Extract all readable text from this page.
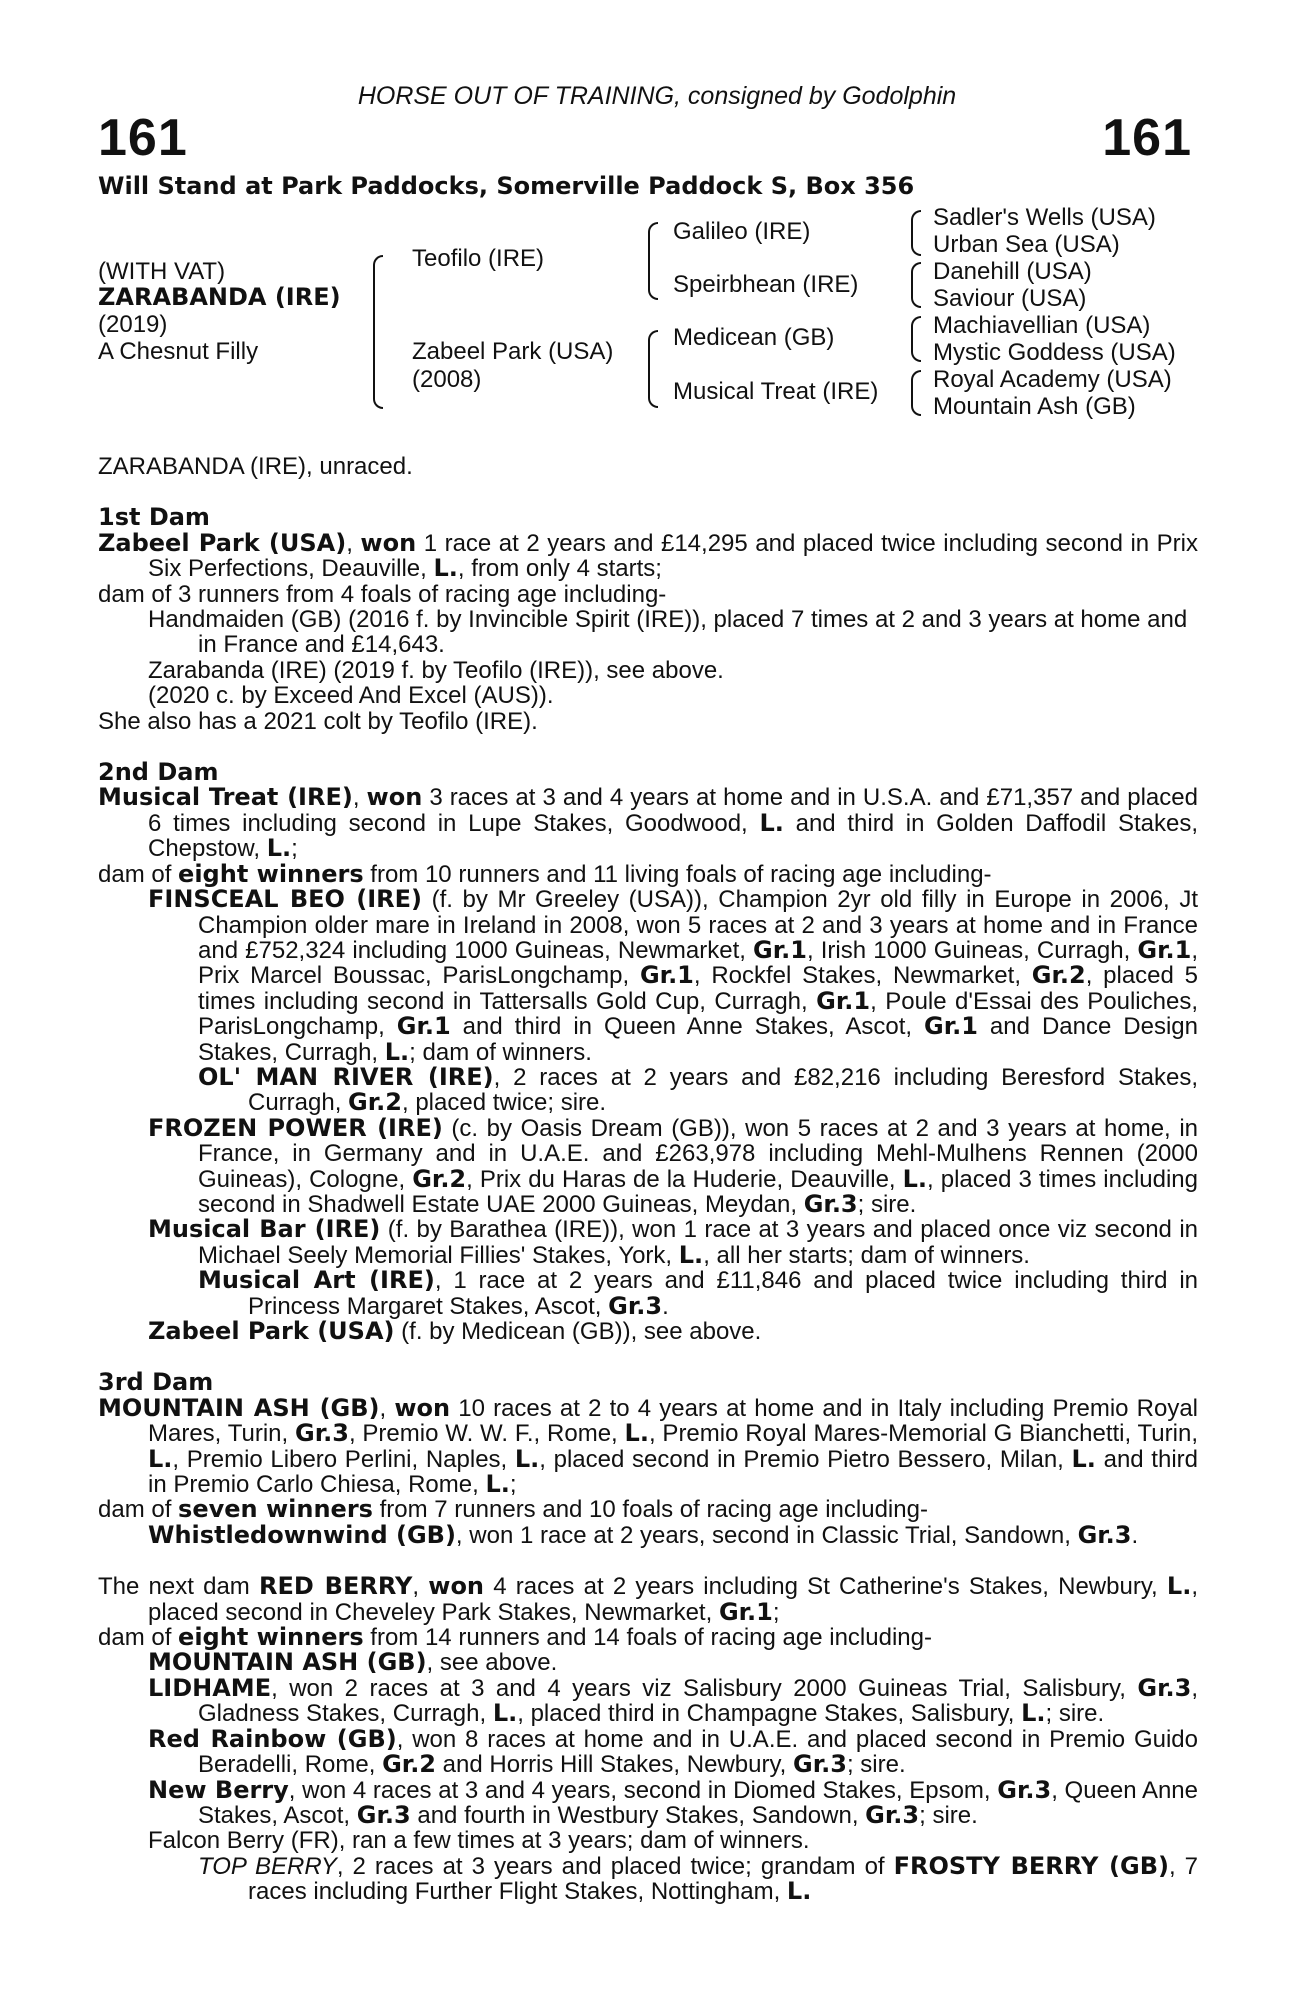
HORSE OUT OF TRAINING, consigned by Godolphin
161	161
Will Stand at Park Paddocks, Somerville Paddock S, Box 356
(WITH VAT)
ZARABANDA (IRE)
(2019)
A Chesnut Filly
Teofilo (IRE)
Zabeel Park (USA)
(2008)
Galileo (IRE)
Speirbhean (IRE)
Medicean (GB)
Musical Treat (IRE)
Sadler's Wells (USA)
Urban Sea (USA)
Danehill (USA)
Saviour (USA)
Machiavellian (USA)
Mystic Goddess (USA)
Royal Academy (USA)
Mountain Ash (GB)
ZARABANDA (IRE), unraced.
1st Dam
Zabeel Park (USA), won 1 race at 2 years and £14,295 and placed twice including second in Prix Six Perfections, Deauville, L., from only 4 starts;
dam of 3 runners from 4 foals of racing age including-
Handmaiden (GB) (2016 f. by Invincible Spirit (IRE)), placed 7 times at 2 and 3 years at home and in France and £14,643.
Zarabanda (IRE) (2019 f. by Teofilo (IRE)), see above.
(2020 c. by Exceed And Excel (AUS)).
She also has a 2021 colt by Teofilo (IRE).
2nd Dam
Musical Treat (IRE), won 3 races at 3 and 4 years at home and in U.S.A. and £71,357 and placed 6 times including second in Lupe Stakes, Goodwood, L. and third in Golden Daffodil Stakes, Chepstow, L.;
dam of eight winners from 10 runners and 11 living foals of racing age including-
FINSCEAL BEO (IRE) (f. by Mr Greeley (USA)), Champion 2yr old filly in Europe in 2006, Jt Champion older mare in Ireland in 2008, won 5 races at 2 and 3 years at home and in France and £752,324 including 1000 Guineas, Newmarket, Gr.1, Irish 1000 Guineas, Curragh, Gr.1, Prix Marcel Boussac, ParisLongchamp, Gr.1, Rockfel Stakes, Newmarket, Gr.2, placed 5 times including second in Tattersalls Gold Cup, Curragh, Gr.1, Poule d'Essai des Pouliches, ParisLongchamp, Gr.1 and third in Queen Anne Stakes, Ascot, Gr.1 and Dance Design Stakes, Curragh, L.; dam of winners.
OL' MAN RIVER (IRE), 2 races at 2 years and £82,216 including Beresford Stakes, Curragh, Gr.2, placed twice; sire.
FROZEN POWER (IRE) (c. by Oasis Dream (GB)), won 5 races at 2 and 3 years at home, in France, in Germany and in U.A.E. and £263,978 including Mehl-Mulhens Rennen (2000 Guineas), Cologne, Gr.2, Prix du Haras de la Huderie, Deauville, L., placed 3 times including second in Shadwell Estate UAE 2000 Guineas, Meydan, Gr.3; sire.
Musical Bar (IRE) (f. by Barathea (IRE)), won 1 race at 3 years and placed once viz second in Michael Seely Memorial Fillies' Stakes, York, L., all her starts; dam of winners.
Musical Art (IRE), 1 race at 2 years and £11,846 and placed twice including third in Princess Margaret Stakes, Ascot, Gr.3.
Zabeel Park (USA) (f. by Medicean (GB)), see above.
3rd Dam
MOUNTAIN ASH (GB), won 10 races at 2 to 4 years at home and in Italy including Premio Royal Mares, Turin, Gr.3, Premio W. W. F., Rome, L., Premio Royal Mares-Memorial G Bianchetti, Turin, L., Premio Libero Perlini, Naples, L., placed second in Premio Pietro Bessero, Milan, L. and third in Premio Carlo Chiesa, Rome, L.;
dam of seven winners from 7 runners and 10 foals of racing age including-
Whistledownwind (GB), won 1 race at 2 years, second in Classic Trial, Sandown, Gr.3.
The next dam RED BERRY, won 4 races at 2 years including St Catherine's Stakes, Newbury, L., placed second in Cheveley Park Stakes, Newmarket, Gr.1;
dam of eight winners from 14 runners and 14 foals of racing age including-
MOUNTAIN ASH (GB), see above.
LIDHAME, won 2 races at 3 and 4 years viz Salisbury 2000 Guineas Trial, Salisbury, Gr.3, Gladness Stakes, Curragh, L., placed third in Champagne Stakes, Salisbury, L.; sire.
Red Rainbow (GB), won 8 races at home and in U.A.E. and placed second in Premio Guido Beradelli, Rome, Gr.2 and Horris Hill Stakes, Newbury, Gr.3; sire.
New Berry, won 4 races at 3 and 4 years, second in Diomed Stakes, Epsom, Gr.3, Queen Anne Stakes, Ascot, Gr.3 and fourth in Westbury Stakes, Sandown, Gr.3; sire.
Falcon Berry (FR), ran a few times at 3 years; dam of winners.
TOP BERRY, 2 races at 3 years and placed twice; grandam of FROSTY BERRY (GB), 7 races including Further Flight Stakes, Nottingham, L.
